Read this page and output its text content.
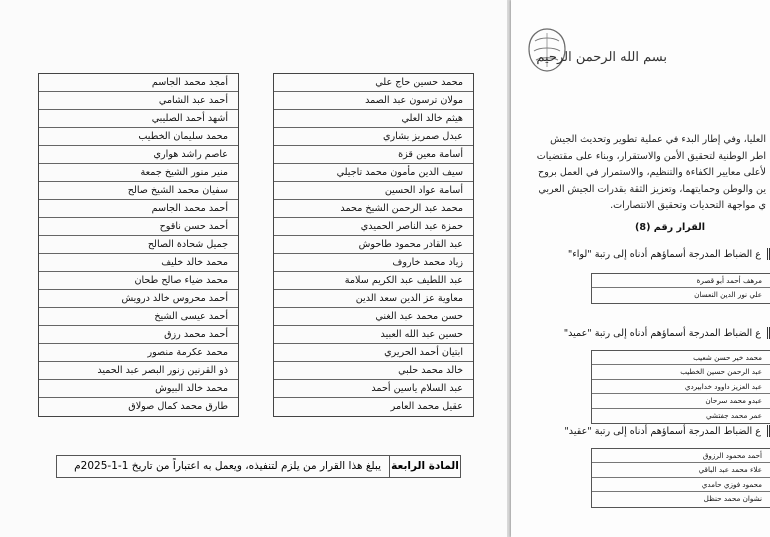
محمد حسين حاج علي
مولان ترسون عبد الصمد
هيثم خالد العلي
عبدل صمريز بشاري
أسامة معين قزة
سيف الدين مأمون محمد تاجيلي
أسامة عواد الحسين
محمد عبد الرحمن الشيخ محمد
حمزة عبد الناصر الحميدي
عبد القادر محمود طاحوش
زياد محمد خاروف
عبد اللطيف عبد الكريم سلامة
معاوية عز الدين سعد الدين
حسن محمد عبد الغني
حسين عبد الله العبيد
ابتيان أحمد الحريري
خالد محمد حلبي
عبد السلام ياسين أحمد
عقيل محمد العامر
أمجد محمد الجاسم
أحمد عبد الشامي
أشهد أحمد الصليبي
محمد سليمان الخطيب
عاصم راشد هواري
منير منور الشيخ جمعة
سفيان محمد الشيخ صالح
أحمد محمد الجاسم
أحمد حسن ناقوح
جميل شحادة الصالح
محمد خالد خليف
محمد ضياء صالح طحان
أحمد محروس خالد درويش
أحمد عيسى الشيخ
أحمد محمد رزق
محمد عكرمة منصور
ذو القرنين زنور البصر عبد الحميد
محمد خالد البيوش
طارق محمد كمال صولاق
المادة الرابعة
يبلغ هذا القرار من يلزم لتنفيذه، ويعمل به اعتباراً من تاريخ 1-1-2025م
بسم الله الرحمن الرحيم
العليا، وفي إطار البدء في عملية تطوير وتحديث الجيش
اطر الوطنية لتحقيق الأمن والاستقرار، وبناء على مقتضيات
لأعلى معايير الكفاءة والتنظيم، والاستمرار في العمل بروح
ين والوطن وحمايتهما، وتعزيز الثقة بقدرات الجيش العربي
ي مواجهة التحديات وتحقيق الانتصارات.
القرار رقم (8)
ع الضباط المدرجة أسماؤهم أدناه إلى رتبة "لواء"
مرهف أحمد أبو قصرة
علي نور الدين النعسان
ع الضباط المدرجة أسماؤهم أدناه إلى رتبة "عميد"
محمد خير حسن شعيب
عبد الرحمن حسين الخطيب
عبد العزيز داوود خدابيردي
عبدو محمد سرحان
عمر محمد جفتشي
ع الضباط المدرجة أسماؤهم أدناه إلى رتبة "عقيد"
أحمد محمود الرزوق
علاء محمد عبد الباقي
محمود فوزي حامدي
نشوان محمد حنظل
